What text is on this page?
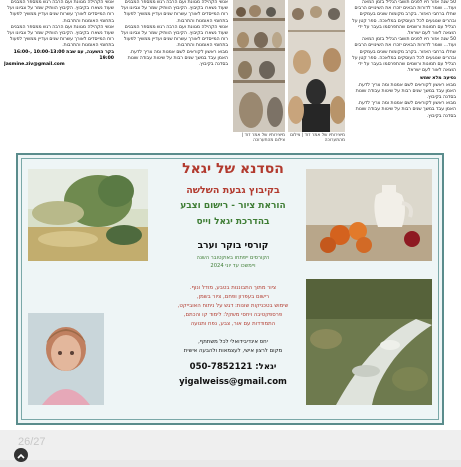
אנשי הקהילה מגוונת ועם הרבה רגש ממספר המבנים שעוד נשארו בקיבוץ. הקיבוץ הוותיק שמר על צביונו ועל רוח המייסדים לאורך עשרות שנים ועדיין ממשיך לפעול בתחומי האומנות והתרבות.

אנשי הקהילה מגוונת ועם הרבה רגש ממספר המבנים שעוד נשארו בקיבוץ. הקיבוץ הוותיק שמר על צביונו ועל רוח המייסדים לאורך עשרות שנים ועדיין ממשיך לפעול בתחומי האומנות והתרבות.

בקר הושענה, עם שבת 10:00-13:00 ,16:00-19:00

Jasmine.ziv@gmail.com

אנשי הקהילה מגוונת ועם הרבה רגש ממספר המבנים שעוד נשארו בקיבוץ. הקיבוץ הוותיק שמר על צביונו ועל רוח המייסדים לאורך עשרות שנים ועדיין ממשיך לפעול בתחומי האומנות והתרבות.

אנשי הקהילה מגוונת ועם הרבה רגש ממספר המבנים שעוד נשארו בקיבוץ. הקיבוץ הוותיק שמר על צביונו ועל רוח המייסדים לאורך עשרות שנים ועדיין ממשיך לפעול בתחומי האומנות והתרבות.

מבוא ראשון לקוראים לשם אמנות ומה צריך לדעת. האמן עבד במשך שנים רבות על שיטות עבודה שונות בסדנה בקיבוץ.

מיצירותיו של אמר דוד | צילום מהתערוכה
מיצירותיו של אמר דוד | צילום מהתערוכה

50 שנה אזור חיו לפנים תושבי הגליל בזמן המאה ועוד... שומר לדורות הבאים יזכרו את השינויים הרבים שחלו ברחבי האזור. בקרב מקומות שונים בעמקים ובהרים שנוגעים לכל העוסקים במלאכה. ספר קטן על הגליל עם תמונות ורשמים שהתפרסמו בעבר על ידי הוצאה לאור לעם ישראל.

50 שנה אזור חיו לפנים תושבי הגליל בזמן המאה ועוד... שומר לדורות הבאים יזכרו את השינויים הרבים שחלו ברחבי האזור. בקרב מקומות שונים בעמקים ובהרים שנוגעים לכל העוסקים במלאכה. ספר קטן על הגליל עם תמונות ורשמים שהתפרסמו בעבר על ידי הוצאה לאור לעם ישראל.

נסיעה מלא שמש

מבוא ראשון לקוראים לשם אמנות ומה צריך לדעת. האמן עבד במשך שנים רבות על שיטות עבודה שונות בסדנה בקיבוץ.

מבוא ראשון לקוראים לשם אמנות ומה צריך לדעת. האמן עבד במשך שנים רבות על שיטות עבודה שונות בסדנה בקיבוץ.

הסדנא של יגאל
בקיבוץ גבעת השלשה
הוראת ציור - רישום וצבע
בהדרכת יגאל וייס
קורסי בוקר וערב
הקורסים ייפתחו באוקטובר השנה
ויימשכו עד יוני 2024
ציור מתוך התבוננות בטבע, מודל ונוף.
רישום בעפרון ופחם, ציור בשמן,
שימוש בטכניקות שונות: דגש על ניתוח האובייקט,
פרספקטיבה ויחסי משקל: לימוד קו והכתם,
התמודדות עם אור, צבע, נפח ותנועה
יחס אינדיבידואלי לכל משתתף,
מקום לרצון אישי, לעצמאות ולהבעה אישית
יגאל: 050-7852121
yigalweiss@gmail.com
26/27
